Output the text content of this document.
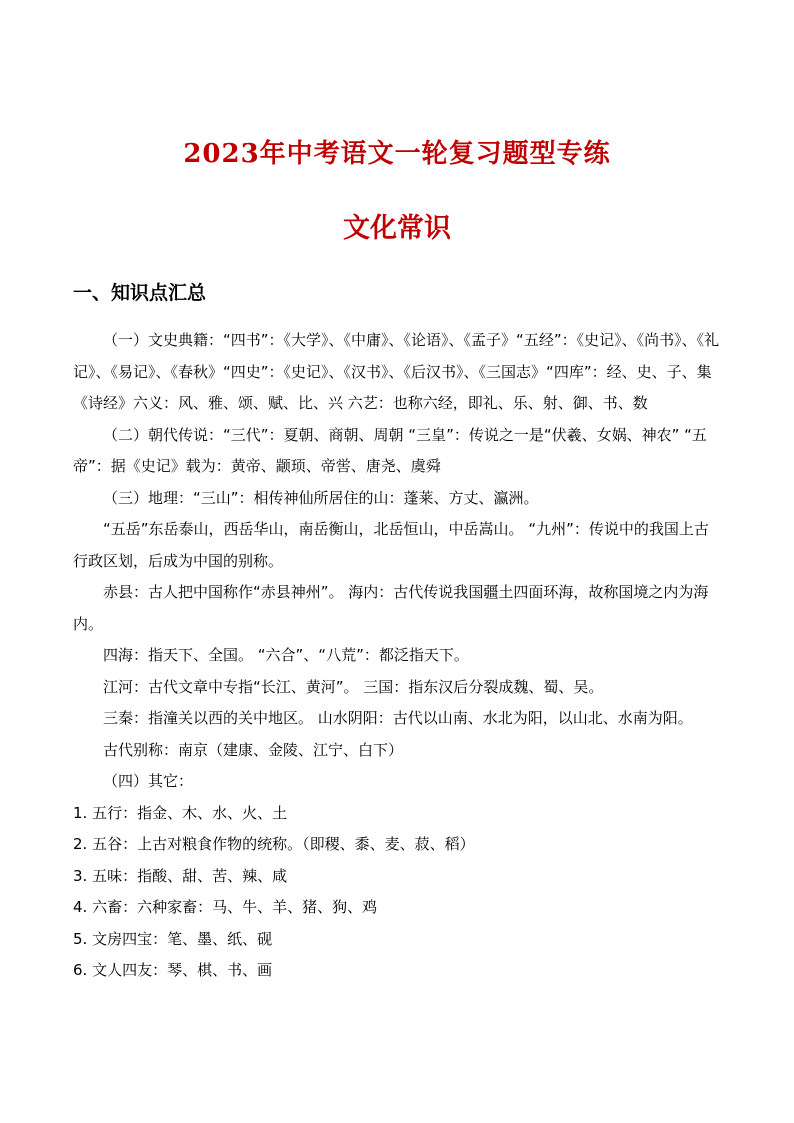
2023年中考语文一轮复习题型专练
文化常识
一、知识点汇总

（一）文史典籍：“四书”：《大学》、《中庸》、《论语》、《孟子》“五经”：《史记》、《尚书》、《礼记》、《易记》、《春秋》“四史”：《史记》、《汉书》、《后汉书》、《三国志》“四库”：经、史、子、集 《诗经》六义：风、雅、颂、赋、比、兴 六艺：也称六经，即礼、乐、射、御、书、数

（二）朝代传说：“三代”：夏朝、商朝、周朝 “三皇”：传说之一是“伏羲、女娲、神农” “五帝”：据《史记》载为：黄帝、颛顼、帝喾、唐尧、虞舜

（三）地理：“三山”：相传神仙所居住的山：蓬莱、方丈、瀛洲。

“五岳”东岳泰山，西岳华山，南岳衡山，北岳恒山，中岳嵩山。 “九州”：传说中的我国上古行政区划，后成为中国的别称。

赤县：古人把中国称作“赤县神州”。 海内：古代传说我国疆土四面环海，故称国境之内为海内。

四海：指天下、全国。 “六合”、“八荒”：都泛指天下。

江河：古代文章中专指“长江、黄河”。 三国：指东汉后分裂成魏、蜀、吴。

三秦：指潼关以西的关中地区。 山水阴阳：古代以山南、水北为阳，以山北、水南为阳。

古代别称：南京（建康、金陵、江宁、白下）

（四）其它：

1. 五行：指金、木、水、火、土

2. 五谷：上古对粮食作物的统称。（即稷、黍、麦、菽、稻）

3. 五味：指酸、甜、苦、辣、咸

4. 六畜：六种家畜：马、牛、羊、猪、狗、鸡

5. 文房四宝：笔、墨、纸、砚

6. 文人四友：琴、棋、书、画
